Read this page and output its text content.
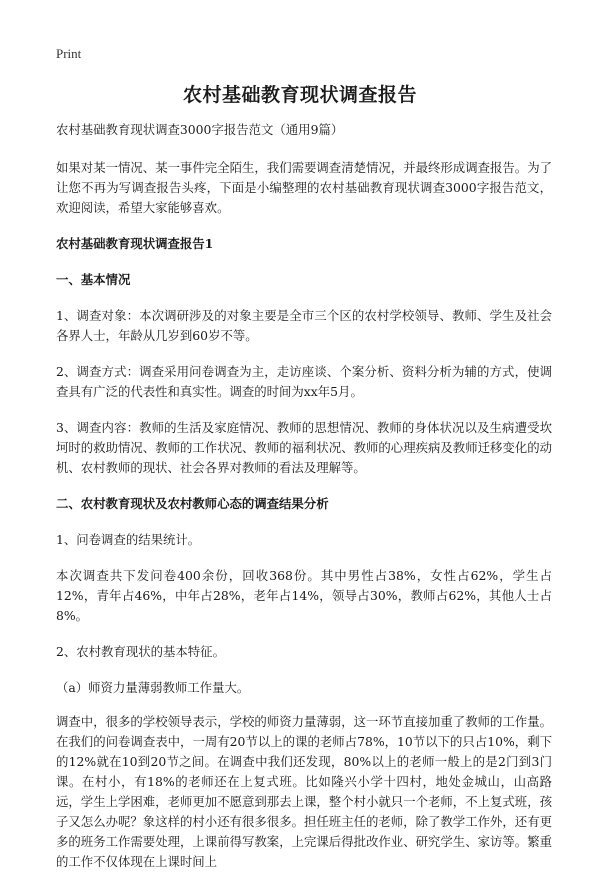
Print
农村基础教育现状调查报告

农村基础教育现状调查3000字报告范文（通用9篇）

如果对某一情况、某一事件完全陌生，我们需要调查清楚情况，并最终形成调查报告。为了让您不再为写调查报告头疼，下面是小编整理的农村基础教育现状调查3000字报告范文，欢迎阅读，希望大家能够喜欢。

农村基础教育现状调查报告1

一、基本情况

1、调查对象：本次调研涉及的对象主要是全市三个区的农村学校领导、教师、学生及社会各界人士，年龄从几岁到60岁不等。

2、调查方式：调查采用问卷调查为主，走访座谈、个案分析、资料分析为辅的方式，使调查具有广泛的代表性和真实性。调查的时间为xx年5月。

3、调查内容：教师的生活及家庭情况、教师的思想情况、教师的身体状况以及生病遭受坎坷时的救助情况、教师的工作状况、教师的福利状况、教师的心理疾病及教师迁移变化的动机、农村教师的现状、社会各界对教师的看法及理解等。

二、农村教育现状及农村教师心态的调查结果分析

1、问卷调查的结果统计。

本次调查共下发问卷400余份，回收368份。其中男性占38%，女性占62%，学生占12%，青年占46%，中年占28%，老年占14%，领导占30%，教师占62%，其他人士占8%。

2、农村教育现状的基本特征。

（a）师资力量薄弱教师工作量大。

调查中，很多的学校领导表示，学校的师资力量薄弱，这一环节直接加重了教师的工作量。在我们的问卷调查表中，一周有20节以上的课的老师占78%，10节以下的只占10%，剩下的12%就在10到20节之间。在调查中我们还发现，80%以上的老师一般上的是2门到3门课。在村小，有18%的老师还在上复式班。比如隆兴小学十四村，地处金城山，山高路远，学生上学困难，老师更加不愿意到那去上课，整个村小就只一个老师，不上复式班，孩子又怎么办呢？象这样的村小还有很多很多。担任班主任的老师，除了教学工作外，还有更多的班务工作需要处理，上课前得写教案，上完课后得批改作业、研究学生、家访等。繁重的工作不仅体现在上课时间上
